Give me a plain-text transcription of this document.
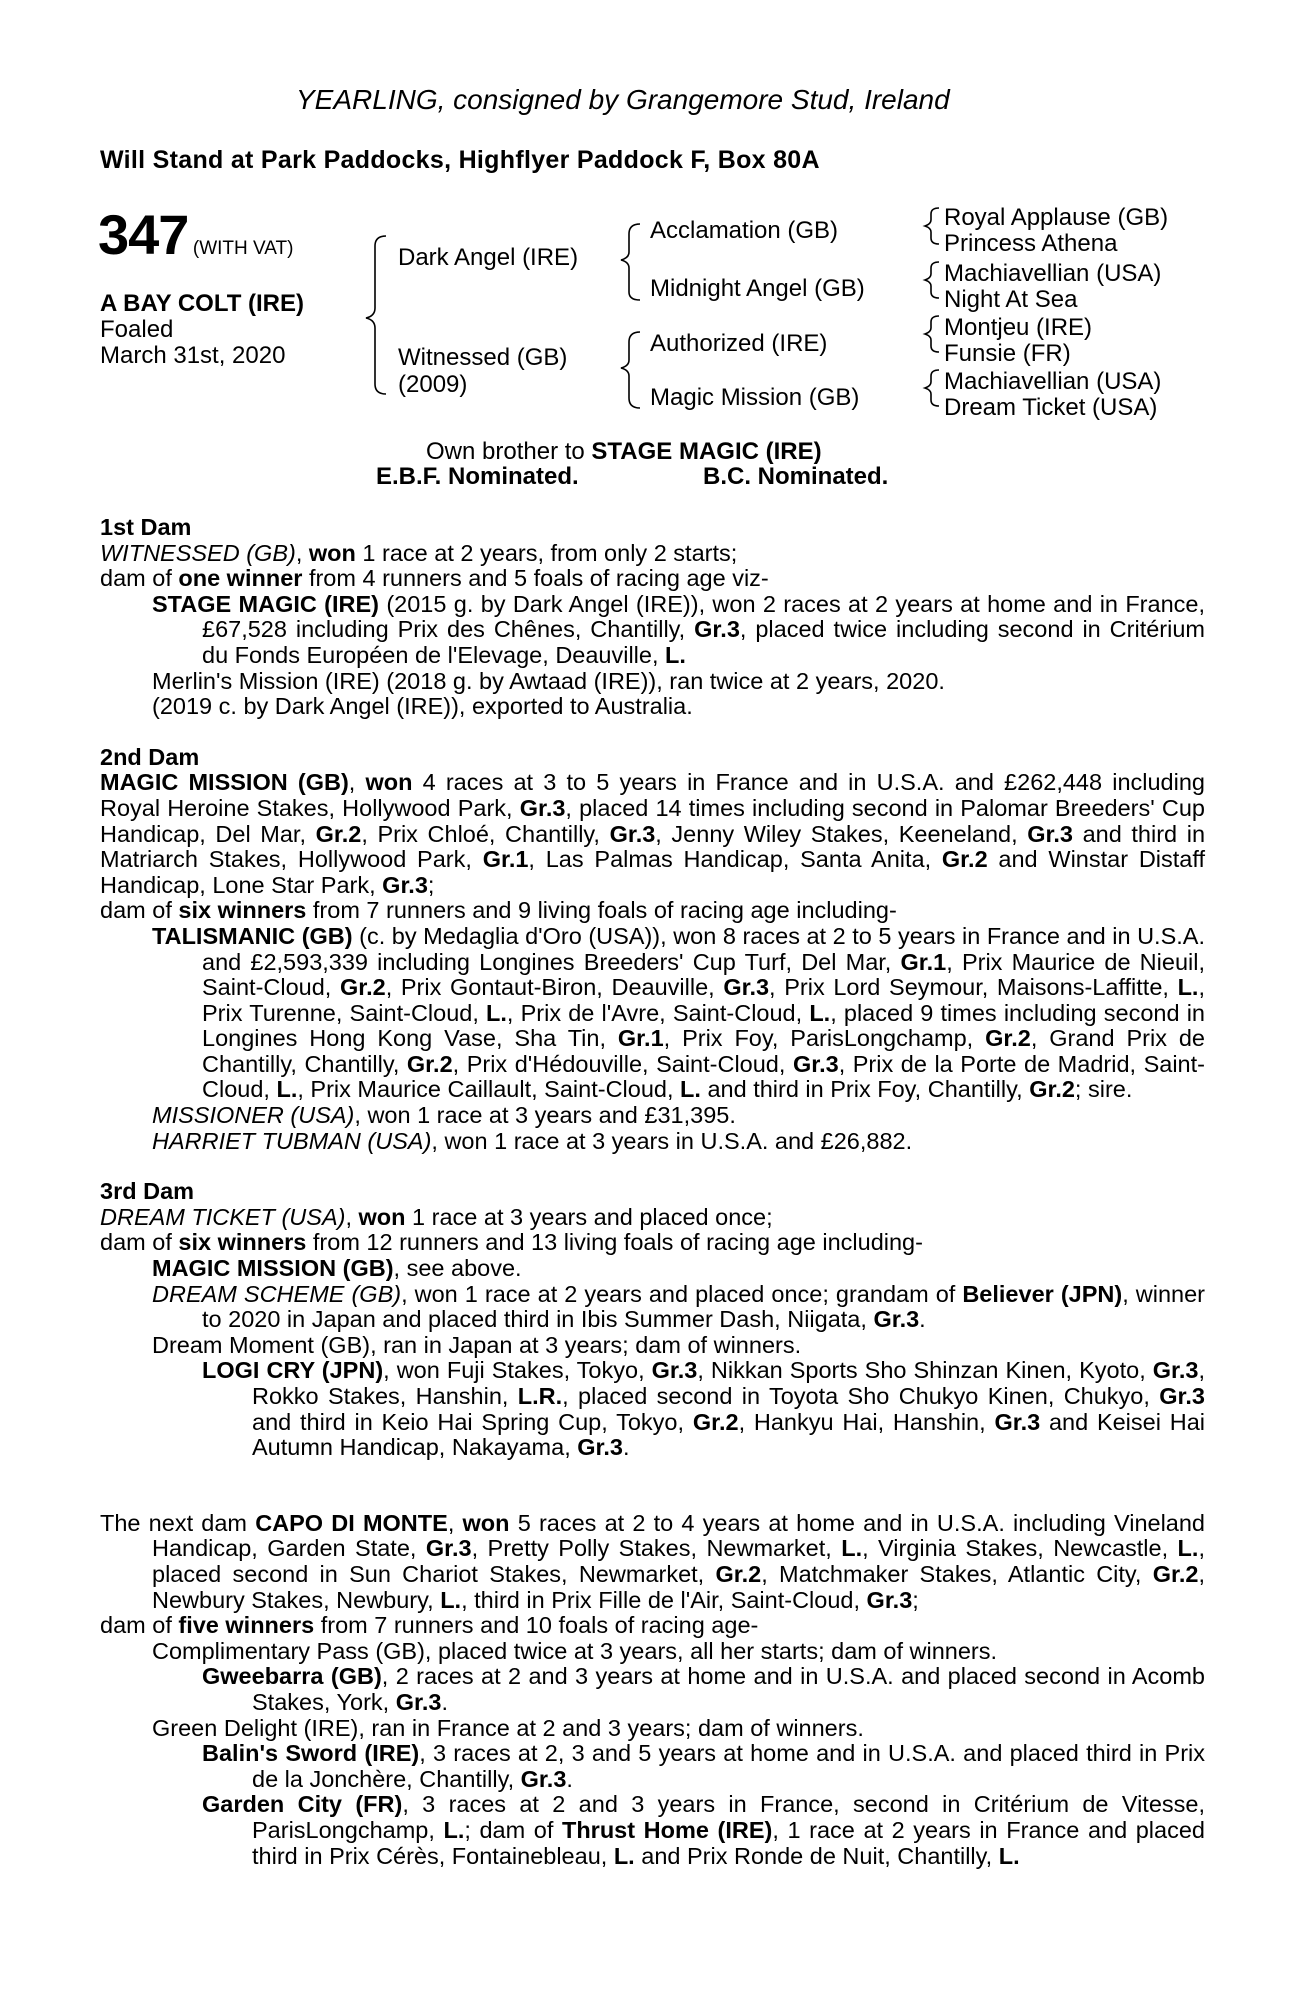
YEARLING, consigned by Grangemore Stud, Ireland
Will Stand at Park Paddocks, Highflyer Paddock F, Box 80A
347 (WITH VAT)
A BAY COLT (IRE)
Foaled
March 31st, 2020
Dark Angel (IRE)
Witnessed (GB)
(2009)
Acclamation (GB)
Midnight Angel (GB)
Authorized (IRE)
Magic Mission (GB)
Royal Applause (GB)
Princess Athena
Machiavellian (USA)
Night At Sea
Montjeu (IRE)
Funsie (FR)
Machiavellian (USA)
Dream Ticket (USA)
Own brother to STAGE MAGIC (IRE)
E.B.F. Nominated.	B.C. Nominated.

1st Dam

WITNESSED (GB), won 1 race at 2 years, from only 2 starts;

dam of one winner from 4 runners and 5 foals of racing age viz-

STAGE MAGIC (IRE) (2015 g. by Dark Angel (IRE)), won 2 races at 2 years at home and in France, £67,528 including Prix des Chênes, Chantilly, Gr.3, placed twice including second in Critérium du Fonds Européen de l'Elevage, Deauville, L.

Merlin's Mission (IRE) (2018 g. by Awtaad (IRE)), ran twice at 2 years, 2020.

(2019 c. by Dark Angel (IRE)), exported to Australia.

2nd Dam

MAGIC MISSION (GB), won 4 races at 3 to 5 years in France and in U.S.A. and £262,448 including Royal Heroine Stakes, Hollywood Park, Gr.3, placed 14 times including second in Palomar Breeders' Cup Handicap, Del Mar, Gr.2, Prix Chloé, Chantilly, Gr.3, Jenny Wiley Stakes, Keeneland, Gr.3 and third in Matriarch Stakes, Hollywood Park, Gr.1, Las Palmas Handicap, Santa Anita, Gr.2 and Winstar Distaff Handicap, Lone Star Park, Gr.3;

dam of six winners from 7 runners and 9 living foals of racing age including-

TALISMANIC (GB) (c. by Medaglia d'Oro (USA)), won 8 races at 2 to 5 years in France and in U.S.A. and £2,593,339 including Longines Breeders' Cup Turf, Del Mar, Gr.1, Prix Maurice de Nieuil, Saint-Cloud, Gr.2, Prix Gontaut-Biron, Deauville, Gr.3, Prix Lord Seymour, Maisons-Laffitte, L., Prix Turenne, Saint-Cloud, L., Prix de l'Avre, Saint-Cloud, L., placed 9 times including second in Longines Hong Kong Vase, Sha Tin, Gr.1, Prix Foy, ParisLongchamp, Gr.2, Grand Prix de Chantilly, Chantilly, Gr.2, Prix d'Hédouville, Saint-Cloud, Gr.3, Prix de la Porte de Madrid, Saint-Cloud, L., Prix Maurice Caillault, Saint-Cloud, L. and third in Prix Foy, Chantilly, Gr.2; sire.

MISSIONER (USA), won 1 race at 3 years and £31,395.

HARRIET TUBMAN (USA), won 1 race at 3 years in U.S.A. and £26,882.

3rd Dam

DREAM TICKET (USA), won 1 race at 3 years and placed once;

dam of six winners from 12 runners and 13 living foals of racing age including-

MAGIC MISSION (GB), see above.

DREAM SCHEME (GB), won 1 race at 2 years and placed once; grandam of Believer (JPN), winner to 2020 in Japan and placed third in Ibis Summer Dash, Niigata, Gr.3.

Dream Moment (GB), ran in Japan at 3 years; dam of winners.

LOGI CRY (JPN), won Fuji Stakes, Tokyo, Gr.3, Nikkan Sports Sho Shinzan Kinen, Kyoto, Gr.3, Rokko Stakes, Hanshin, L.R., placed second in Toyota Sho Chukyo Kinen, Chukyo, Gr.3 and third in Keio Hai Spring Cup, Tokyo, Gr.2, Hankyu Hai, Hanshin, Gr.3 and Keisei Hai Autumn Handicap, Nakayama, Gr.3.

The next dam CAPO DI MONTE, won 5 races at 2 to 4 years at home and in U.S.A. including Vineland Handicap, Garden State, Gr.3, Pretty Polly Stakes, Newmarket, L., Virginia Stakes, Newcastle, L., placed second in Sun Chariot Stakes, Newmarket, Gr.2, Matchmaker Stakes, Atlantic City, Gr.2, Newbury Stakes, Newbury, L., third in Prix Fille de l'Air, Saint-Cloud, Gr.3;

dam of five winners from 7 runners and 10 foals of racing age-

Complimentary Pass (GB), placed twice at 3 years, all her starts; dam of winners.

Gweebarra (GB), 2 races at 2 and 3 years at home and in U.S.A. and placed second in Acomb Stakes, York, Gr.3.

Green Delight (IRE), ran in France at 2 and 3 years; dam of winners.

Balin's Sword (IRE), 3 races at 2, 3 and 5 years at home and in U.S.A. and placed third in Prix de la Jonchère, Chantilly, Gr.3.

Garden City (FR), 3 races at 2 and 3 years in France, second in Critérium de Vitesse, ParisLongchamp, L.; dam of Thrust Home (IRE), 1 race at 2 years in France and placed third in Prix Cérès, Fontainebleau, L. and Prix Ronde de Nuit, Chantilly, L.
